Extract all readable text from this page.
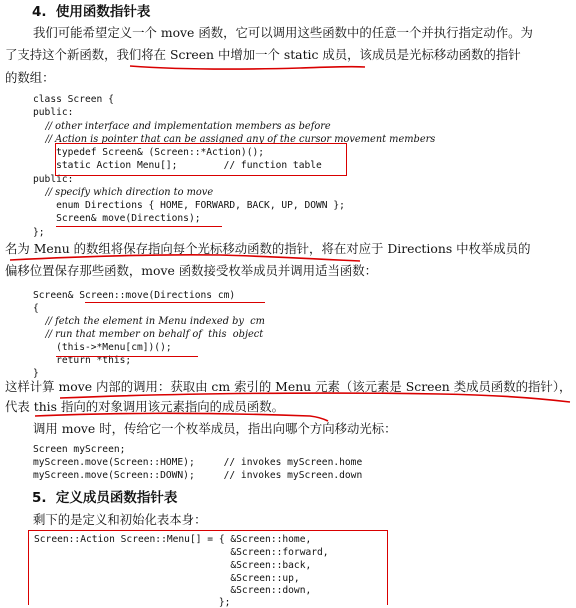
4.  使用函数指针表
我们可能希望定义一个 move 函数，它可以调用这些函数中的任意一个并执行指定动作。为
了支持这个新函数，我们将在 Screen 中增加一个 static 成员，该成员是光标移动函数的指针
的数组：
class Screen {
public:
// other interface and implementation members as before
// Action is pointer that can be assigned any of the cursor movement members
typedef Screen& (Screen::*Action)();
static Action Menu[];        // function table
public:
// specify which direction to move
enum Directions { HOME, FORWARD, BACK, UP, DOWN };
Screen& move(Directions);
};
名为 Menu 的数组将保存指向每个光标移动函数的指针，将在对应于 Directions 中枚举成员的
偏移位置保存那些函数，move 函数接受枚举成员并调用适当函数：
Screen& Screen::move(Directions cm)
{
// fetch the element in Menu indexed by  cm
// run that member on behalf of  this  object
(this->*Menu[cm])();
return *this;
}
这样计算 move 内部的调用：获取由 cm 索引的 Menu 元素（该元素是 Screen 类成员函数的指针），
代表 this 指向的对象调用该元素指向的成员函数。
调用 move 时，传给它一个枚举成员，指出向哪个方向移动光标：
Screen myScreen;
myScreen.move(Screen::HOME);     // invokes myScreen.home
myScreen.move(Screen::DOWN);     // invokes myScreen.down
5.  定义成员函数指针表
剩下的是定义和初始化表本身：
Screen::Action Screen::Menu[] = { &Screen::home,
&Screen::forward,
&Screen::back,
&Screen::up,
&Screen::down,
};
